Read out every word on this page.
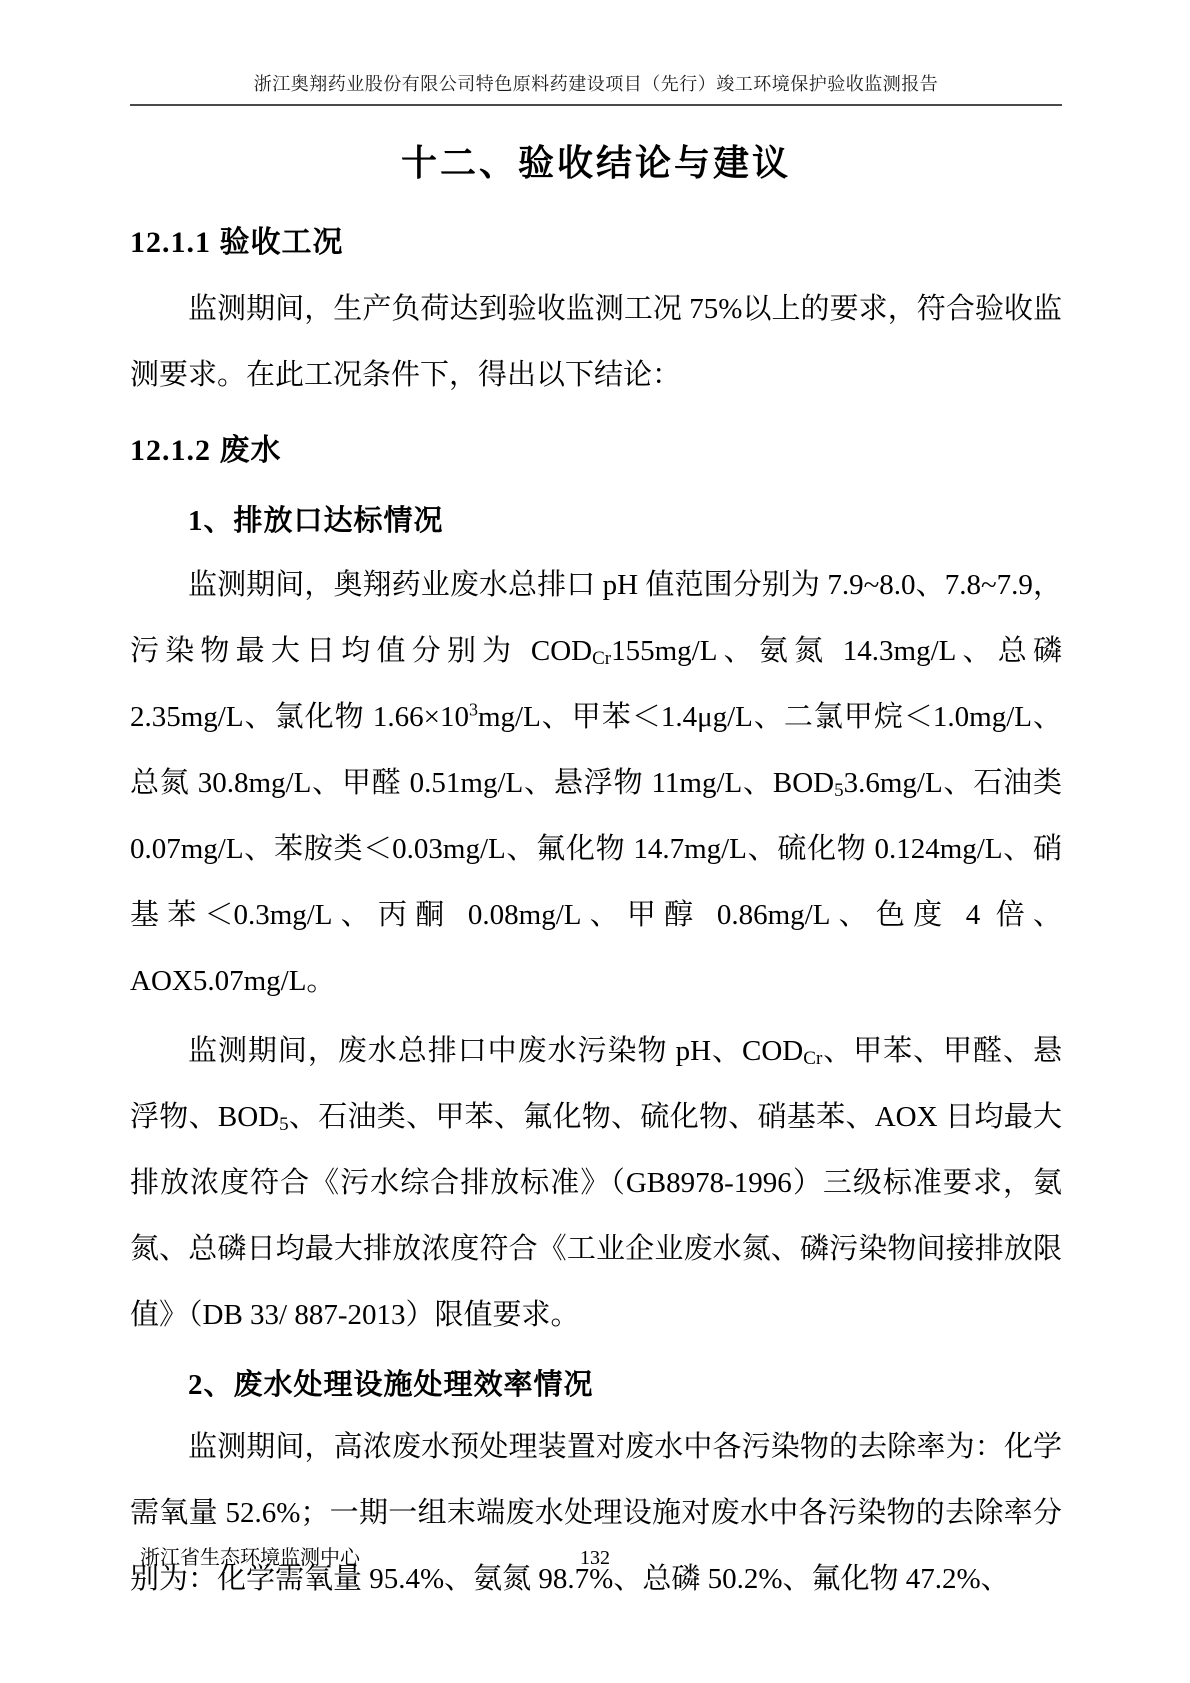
浙江奥翔药业股份有限公司特色原料药建设项目（先行）竣工环境保护验收监测报告
十二、验收结论与建议
12.1.1 验收工况

监测期间，生产负荷达到验收监测工况 75%以上的要求，符合验收监测要求。在此工况条件下，得出以下结论：

12.1.2 废水
1、排放口达标情况

监测期间，奥翔药业废水总排口 pH 值范围分别为 7.9~8.0、7.8~7.9，污染物最大日均值分别为 $COD_{Cr}155mg/L$、氨氮 14.3mg/L、总磷 2.35mg/L、氯化物 $1.66\times 10^3mg/L$、甲苯＜1.4μg/L、二氯甲烷＜1.0mg/L、总氮 30.8mg/L、甲醛 0.51mg/L、悬浮物 11mg/L、$BOD_53.6mg/L$、石油类 0.07mg/L、苯胺类＜0.03mg/L、氟化物 14.7mg/L、硫化物 0.124mg/L、硝基苯＜0.3mg/L、丙酮 0.08mg/L、甲醇 0.86mg/L、色度 4 倍、AOX5.07mg/L。

监测期间，废水总排口中废水污染物 pH、$COD_{Cr}$、甲苯、甲醛、悬浮物、$BOD_5$、石油类、甲苯、氟化物、硫化物、硝基苯、AOX 日均最大排放浓度符合《污水综合排放标准》（GB8978-1996）三级标准要求，氨氮、总磷日均最大排放浓度符合《工业企业废水氮、磷污染物间接排放限值》（DB 33/ 887-2013）限值要求。

2、废水处理设施处理效率情况

监测期间，高浓废水预处理装置对废水中各污染物的去除率为：化学需氧量 52.6%；一期一组末端废水处理设施对废水中各污染物的去除率分别为：化学需氧量 95.4%、氨氮 98.7%、总磷 50.2%、氟化物 47.2%、

浙江省生态环境监测中心	132
